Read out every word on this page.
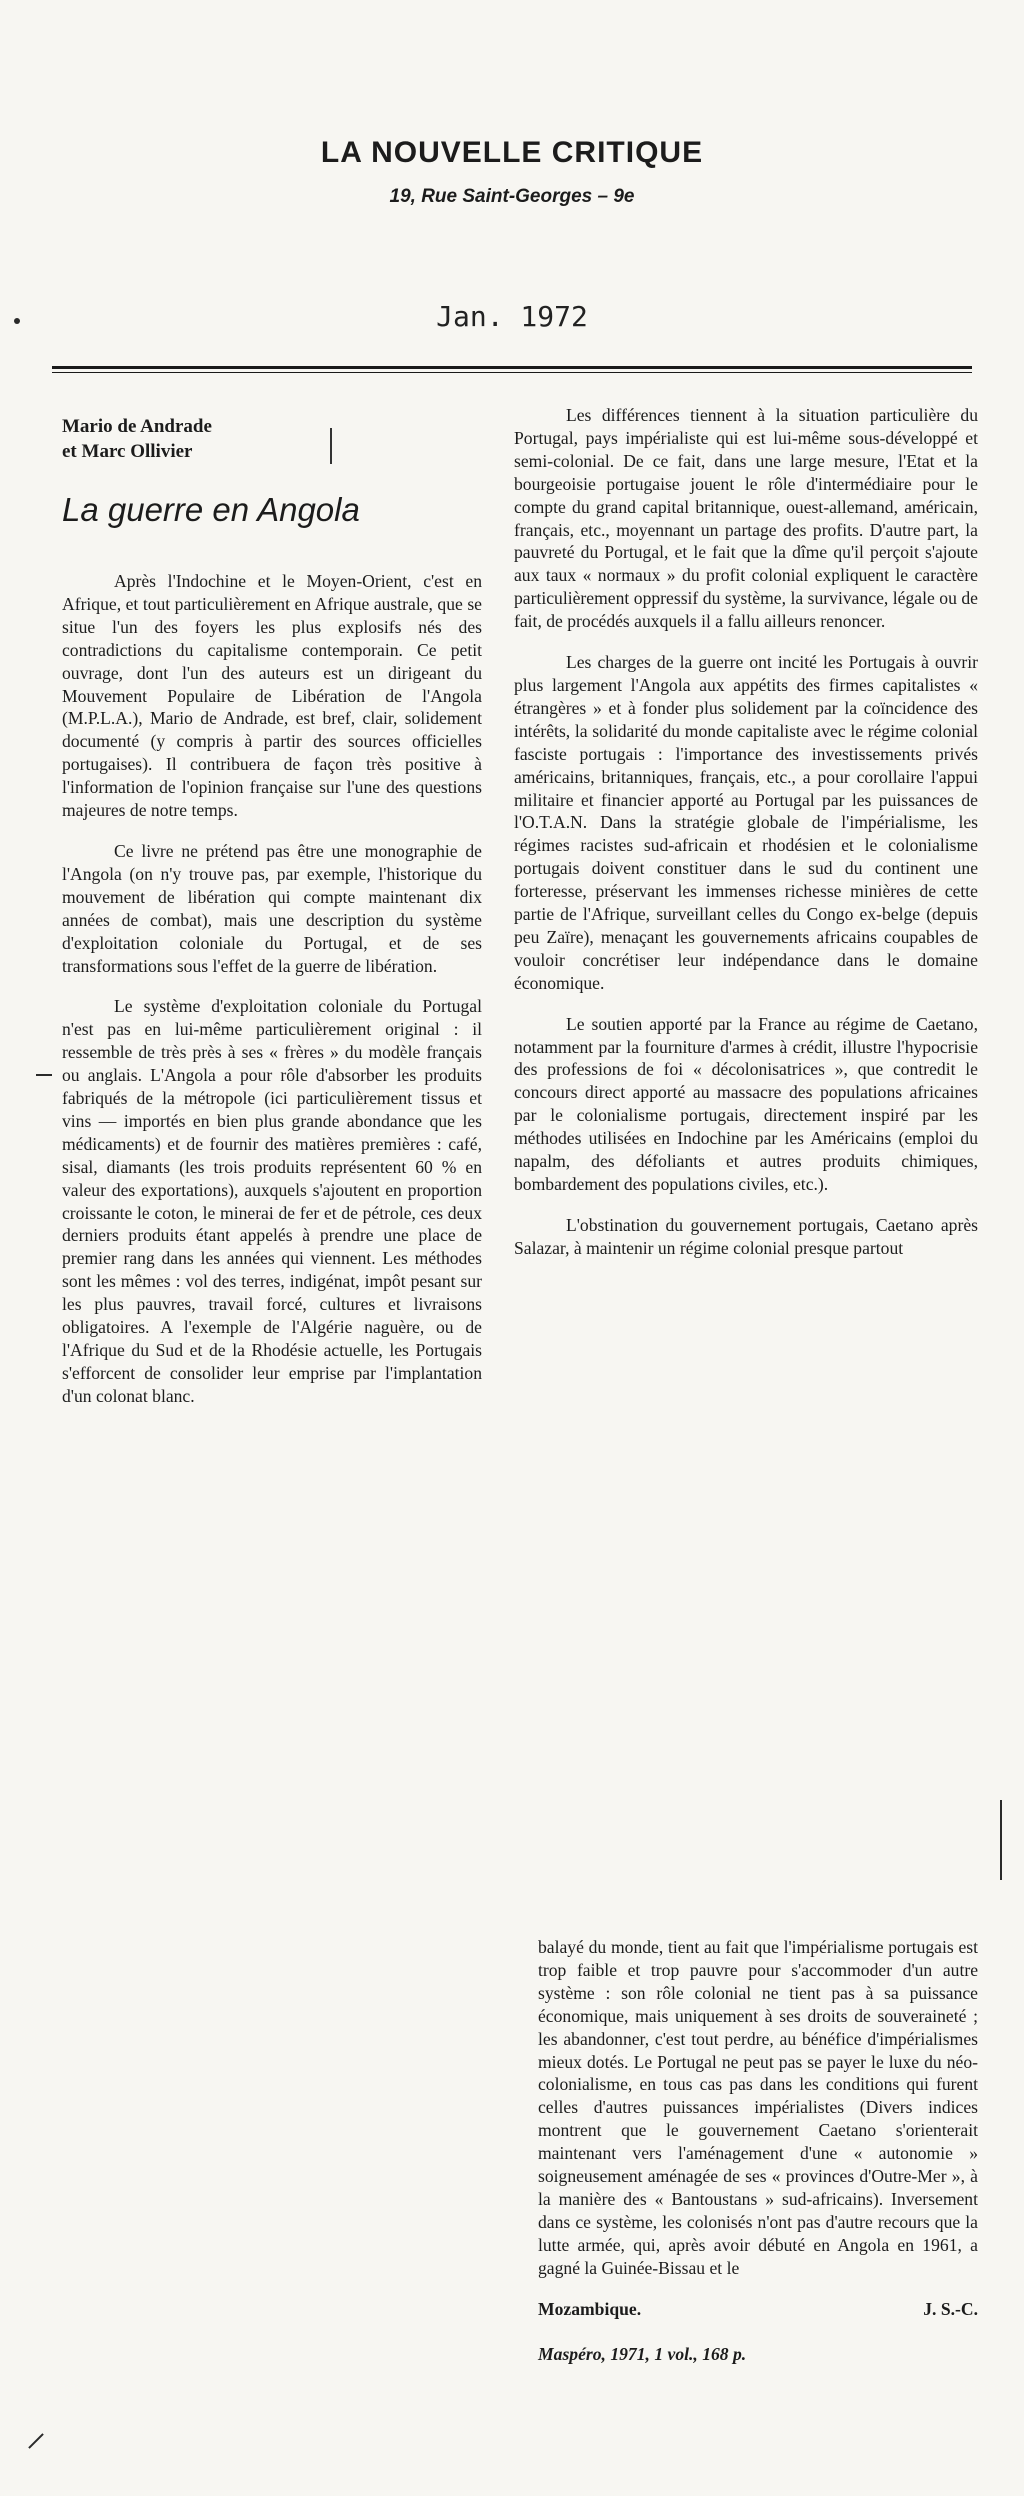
LA NOUVELLE CRITIQUE
19, Rue Saint-Georges – 9e
Jan. 1972

Mario de Andrade

et Marc Ollivier

La guerre en Angola

Après l'Indochine et le Moyen-Orient, c'est en Afrique, et tout particulièrement en Afrique australe, que se situe l'un des foyers les plus explosifs nés des contradictions du capitalisme contemporain. Ce petit ouvrage, dont l'un des auteurs est un dirigeant du Mouvement Populaire de Libération de l'Angola (M.P.L.A.), Mario de Andrade, est bref, clair, solidement documenté (y compris à partir des sources officielles portugaises). Il contribuera de façon très positive à l'information de l'opinion française sur l'une des questions majeures de notre temps.

Ce livre ne prétend pas être une monographie de l'Angola (on n'y trouve pas, par exemple, l'historique du mouvement de libération qui compte maintenant dix années de combat), mais une description du système d'exploitation coloniale du Portugal, et de ses transformations sous l'effet de la guerre de libération.

Le système d'exploitation coloniale du Portugal n'est pas en lui-même particulièrement original : il ressemble de très près à ses « frères » du modèle français ou anglais. L'Angola a pour rôle d'absorber les produits fabriqués de la métropole (ici particulièrement tissus et vins — importés en bien plus grande abondance que les médicaments) et de fournir des matières premières : café, sisal, diamants (les trois produits représentent 60 % en valeur des exportations), auxquels s'ajoutent en proportion croissante le coton, le minerai de fer et de pétrole, ces deux derniers produits étant appelés à prendre une place de premier rang dans les années qui viennent. Les méthodes sont les mêmes : vol des terres, indigénat, impôt pesant sur les plus pauvres, travail forcé, cultures et livraisons obligatoires. A l'exemple de l'Algérie naguère, ou de l'Afrique du Sud et de la Rhodésie actuelle, les Portugais s'efforcent de consolider leur emprise par l'implantation d'un colonat blanc.

Les différences tiennent à la situation particulière du Portugal, pays impérialiste qui est lui-même sous-développé et semi-colonial. De ce fait, dans une large mesure, l'Etat et la bourgeoisie portugaise jouent le rôle d'intermédiaire pour le compte du grand capital britannique, ouest-allemand, américain, français, etc., moyennant un partage des profits. D'autre part, la pauvreté du Portugal, et le fait que la dîme qu'il perçoit s'ajoute aux taux « normaux » du profit colonial expliquent le caractère particulièrement oppressif du système, la survivance, légale ou de fait, de procédés auxquels il a fallu ailleurs renoncer.

Les charges de la guerre ont incité les Portugais à ouvrir plus largement l'Angola aux appétits des firmes capitalistes « étrangères » et à fonder plus solidement par la coïncidence des intérêts, la solidarité du monde capitaliste avec le régime colonial fasciste portugais : l'importance des investissements privés américains, britanniques, français, etc., a pour corollaire l'appui militaire et financier apporté au Portugal par les puissances de l'O.T.A.N. Dans la stratégie globale de l'impérialisme, les régimes racistes sud-africain et rhodésien et le colonialisme portugais doivent constituer dans le sud du continent une forteresse, préservant les immenses richesse minières de cette partie de l'Afrique, surveillant celles du Congo ex-belge (depuis peu Zaïre), menaçant les gouvernements africains coupables de vouloir concrétiser leur indépendance dans le domaine économique.

Le soutien apporté par la France au régime de Caetano, notamment par la fourniture d'armes à crédit, illustre l'hypocrisie des professions de foi « décolonisatrices », que contredit le concours direct apporté au massacre des populations africaines par le colonialisme portugais, directement inspiré par les méthodes utilisées en Indochine par les Américains (emploi du napalm, des défoliants et autres produits chimiques, bombardement des populations civiles, etc.).

L'obstination du gouvernement portugais, Caetano après Salazar, à maintenir un régime colonial presque partout

balayé du monde, tient au fait que l'impérialisme portugais est trop faible et trop pauvre pour s'accommoder d'un autre système : son rôle colonial ne tient pas à sa puissance économique, mais uniquement à ses droits de souveraineté ; les abandonner, c'est tout perdre, au bénéfice d'impérialismes mieux dotés. Le Portugal ne peut pas se payer le luxe du néo-colonialisme, en tous cas pas dans les conditions qui furent celles d'autres puissances impérialistes (Divers indices montrent que le gouvernement Caetano s'orienterait maintenant vers l'aménagement d'une « autonomie » soigneusement aménagée de ses « provinces d'Outre-Mer », à la manière des « Bantoustans » sud-africains). Inversement dans ce système, les colonisés n'ont pas d'autre recours que la lutte armée, qui, après avoir débuté en Angola en 1961, a gagné la Guinée-Bissau et le

Mozambique.	J. S.-C.
Maspéro, 1971, 1 vol., 168 p.
